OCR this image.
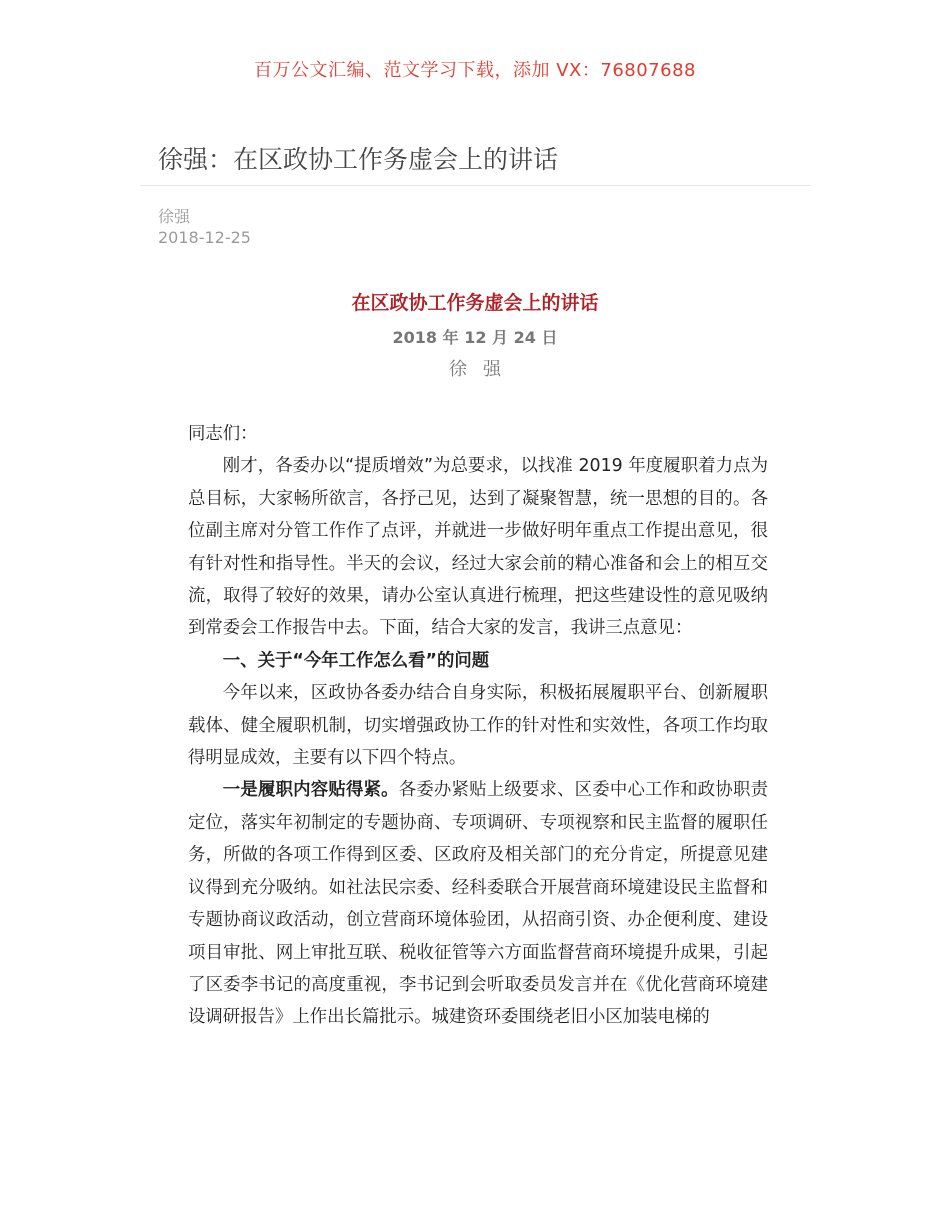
百万公文汇编、范文学习下载，添加 VX：76807688
徐强：在区政协工作务虚会上的讲话
徐强
2018-12-25
在区政协工作务虚会上的讲话
2018 年 12 月 24 日
徐强

同志们：

刚才，各委办以“提质增效”为总要求，以找准 2019 年度履职着力点为总目标，大家畅所欲言，各抒己见，达到了凝聚智慧，统一思想的目的。各位副主席对分管工作作了点评，并就进一步做好明年重点工作提出意见，很有针对性和指导性。半天的会议，经过大家会前的精心准备和会上的相互交流，取得了较好的效果，请办公室认真进行梳理，把这些建设性的意见吸纳到常委会工作报告中去。下面，结合大家的发言，我讲三点意见：

一、关于“今年工作怎么看”的问题

今年以来，区政协各委办结合自身实际，积极拓展履职平台、创新履职载体、健全履职机制，切实增强政协工作的针对性和实效性，各项工作均取得明显成效，主要有以下四个特点。

一是履职内容贴得紧。各委办紧贴上级要求、区委中心工作和政协职责定位，落实年初制定的专题协商、专项调研、专项视察和民主监督的履职任务，所做的各项工作得到区委、区政府及相关部门的充分肯定，所提意见建议得到充分吸纳。如社法民宗委、经科委联合开展营商环境建设民主监督和专题协商议政活动，创立营商环境体验团，从招商引资、办企便利度、建设项目审批、网上审批互联、税收征管等六方面监督营商环境提升成果，引起了区委李书记的高度重视，李书记到会听取委员发言并在《优化营商环境建设调研报告》上作出长篇批示。城建资环委围绕老旧小区加装电梯的
